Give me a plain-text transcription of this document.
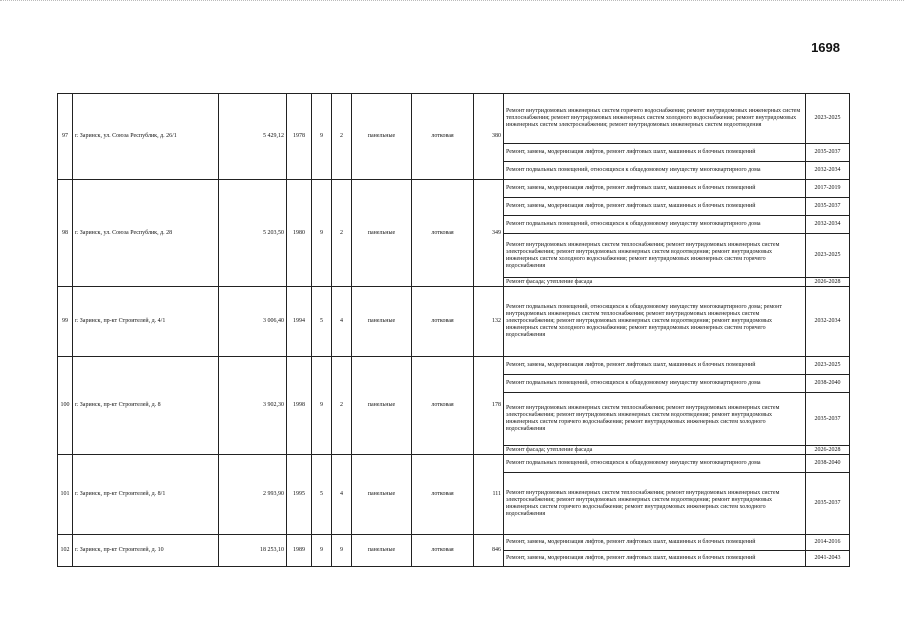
1698
97	г. Заринск, ул. Союза Республик, д. 26/1	5 429,12	1978	9	2	панельные	лотковая	380	Ремонт внутридомовых инженерных систем горячего водоснабжения; ремонт внутридомовых инженерных систем теплоснабжения; ремонт внутридомовых инженерных систем холодного водоснабжения; ремонт внутридомовых инженерных систем электроснабжения; ремонт внутридомовых инженерных систем водоотведения	2023-2025
									Ремонт, замена, модернизация лифтов, ремонт лифтовых шахт, машинных и блочных помещений	2035-2037
									Ремонт подвальных помещений, относящихся к общедомовому имуществу многоквартирного дома	2032-2034
98	г. Заринск, ул. Союза Республик, д. 28	5 203,50	1980	9	2	панельные	лотковая	349	Ремонт, замена, модернизация лифтов, ремонт лифтовых шахт, машинных и блочных помещений	2017-2019
									Ремонт, замена, модернизация лифтов, ремонт лифтовых шахт, машинных и блочных помещений	2035-2037
									Ремонт подвальных помещений, относящихся к общедомовому имуществу многоквартирного дома	2032-2034
									Ремонт внутридомовых инженерных систем теплоснабжения; ремонт внутридомовых инженерных систем электроснабжения; ремонт внутридомовых инженерных систем водоотведения; ремонт внутридомовых инженерных систем холодного водоснабжения; ремонт внутридомовых инженерных систем горячего водоснабжения	2023-2025
									Ремонт фасада; утепление фасада	2026-2028
99	г. Заринск, пр-кт Строителей, д. 4/1	3 006,40	1994	5	4	панельные	лотковая	132	Ремонт подвальных помещений, относящихся к общедомовому имуществу многоквартирного дома; ремонт внутридомовых инженерных систем теплоснабжения; ремонт внутридомовых инженерных систем электроснабжения; ремонт внутридомовых инженерных систем водоотведения; ремонт внутридомовых инженерных систем холодного водоснабжения; ремонт внутридомовых инженерных систем горячего водоснабжения	2032-2034
100	г. Заринск, пр-кт Строителей, д. 8	3 902,30	1998	9	2	панельные	лотковая	178	Ремонт, замена, модернизация лифтов, ремонт лифтовых шахт, машинных и блочных помещений	2023-2025
									Ремонт подвальных помещений, относящихся к общедомовому имуществу многоквартирного дома	2038-2040
									Ремонт внутридомовых инженерных систем теплоснабжения; ремонт внутридомовых инженерных систем электроснабжения; ремонт внутридомовых инженерных систем водоотведения; ремонт внутридомовых инженерных систем горячего водоснабжения; ремонт внутридомовых инженерных систем холодного водоснабжения	2035-2037
									Ремонт фасада; утепление фасада	2026-2028
101	г. Заринск, пр-кт Строителей, д. 8/1	2 993,90	1995	5	4	панельные	лотковая	111	Ремонт подвальных помещений, относящихся к общедомовому имуществу многоквартирного дома	2038-2040
									Ремонт внутридомовых инженерных систем теплоснабжения; ремонт внутридомовых инженерных систем электроснабжения; ремонт внутридомовых инженерных систем водоотведения; ремонт внутридомовых инженерных систем горячего водоснабжения; ремонт внутридомовых инженерных систем холодного водоснабжения	2035-2037
102	г. Заринск, пр-кт Строителей, д. 10	18 253,10	1989	9	9	панельные	лотковая	846	Ремонт, замена, модернизация лифтов, ремонт лифтовых шахт, машинных и блочных помещений	2014-2016
									Ремонт, замена, модернизация лифтов, ремонт лифтовых шахт, машинных и блочных помещений	2041-2043
